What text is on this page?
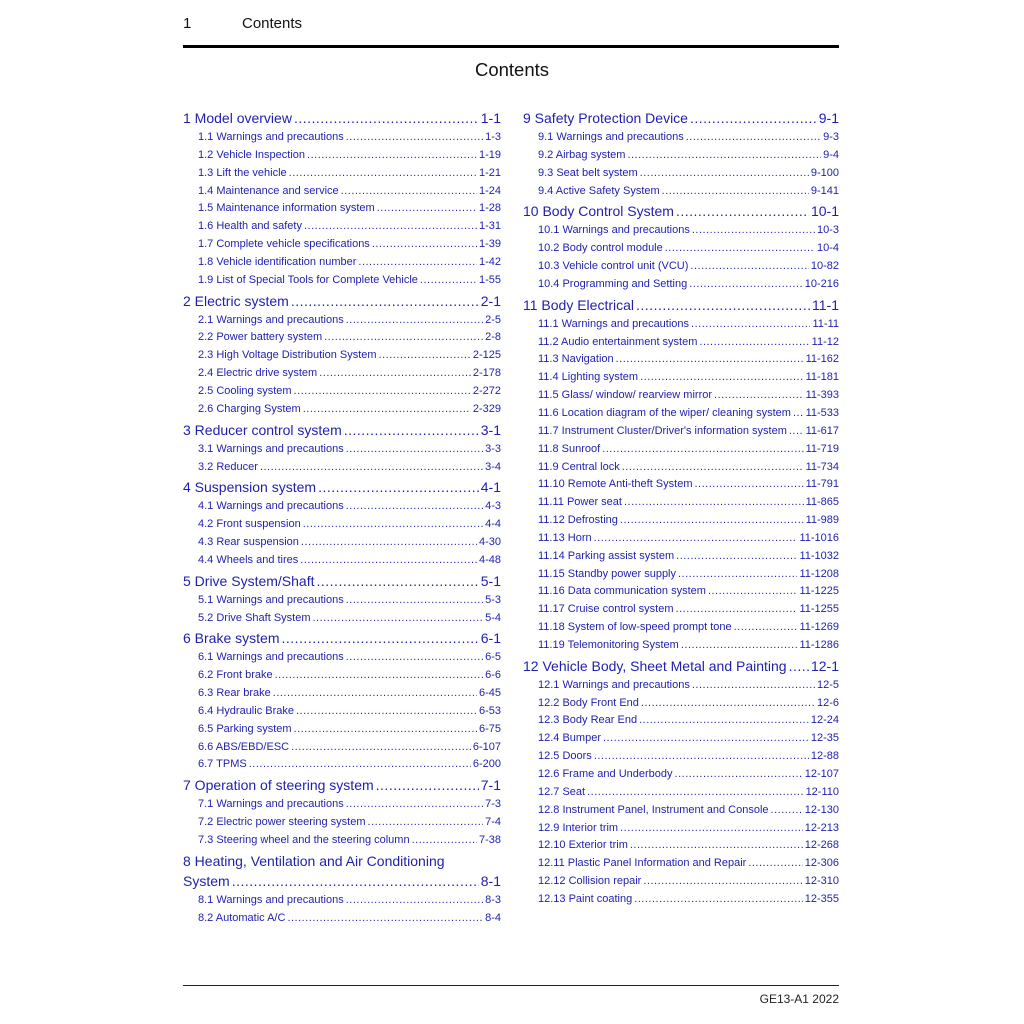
1	Contents
Contents
1 Model overview .....	1-1
1.1 Warnings and precautions .....	1-3
1.2 Vehicle Inspection .....	1-19
1.3 Lift the vehicle .....	1-21
1.4 Maintenance and service .....	1-24
1.5 Maintenance information system .....	1-28
1.6 Health and safety .....	1-31
1.7 Complete vehicle specifications .....	1-39
1.8 Vehicle identification number .....	1-42
1.9 List of Special Tools for Complete Vehicle .....	1-55
2 Electric system .....	2-1
2.1 Warnings and precautions .....	2-5
2.2 Power battery system .....	2-8
2.3 High Voltage Distribution System .....	2-125
2.4 Electric drive system .....	2-178
2.5 Cooling system .....	2-272
2.6 Charging System .....	2-329
3 Reducer control system .....	3-1
3.1 Warnings and precautions .....	3-3
3.2 Reducer .....	3-4
4 Suspension system .....	4-1
4.1 Warnings and precautions .....	4-3
4.2 Front suspension .....	4-4
4.3 Rear suspension .....	4-30
4.4 Wheels and tires .....	4-48
5 Drive System/Shaft .....	5-1
5.1 Warnings and precautions .....	5-3
5.2 Drive Shaft System .....	5-4
6 Brake system .....	6-1
6.1 Warnings and precautions .....	6-5
6.2 Front brake .....	6-6
6.3 Rear brake .....	6-45
6.4 Hydraulic Brake .....	6-53
6.5 Parking system .....	6-75
6.6 ABS/EBD/ESC .....	6-107
6.7 TPMS .....	6-200
7 Operation of steering system .....	7-1
7.1 Warnings and precautions .....	7-3
7.2 Electric power steering system .....	7-4
7.3 Steering wheel and the steering column .....	7-38
8 Heating, Ventilation and Air Conditioning
System .....	8-1
8.1 Warnings and precautions .....	8-3
8.2 Automatic A/C .....	8-4
9 Safety Protection Device .....	9-1
9.1 Warnings and precautions .....	9-3
9.2 Airbag system .....	9-4
9.3 Seat belt system .....	9-100
9.4 Active Safety System .....	9-141
10 Body Control System .....	10-1
10.1 Warnings and precautions .....	10-3
10.2 Body control module .....	10-4
10.3 Vehicle control unit (VCU) .....	10-82
10.4 Programming and Setting .....	10-216
11 Body Electrical .....	11-1
11.1 Warnings and precautions .....	11-11
11.2 Audio entertainment system .....	11-12
11.3 Navigation .....	11-162
11.4 Lighting system .....	11-181
11.5 Glass/ window/ rearview mirror .....	11-393
11.6 Location diagram of the wiper/ cleaning system ..... 11-533
11.7 Instrument Cluster/Driver's information system ..... 11-617
11.8 Sunroof .....	11-719
11.9 Central lock .....	11-734
11.10 Remote Anti-theft System .....	11-791
11.11 Power seat .....	11-865
11.12 Defrosting .....	11-989
11.13 Horn .....	11-1016
11.14 Parking assist system .....	11-1032
11.15 Standby power supply .....	11-1208
11.16 Data communication system .....	11-1225
11.17 Cruise control system .....	11-1255
11.18 System of low-speed prompt tone .....	11-1269
11.19 Telemonitoring System .....	11-1286
12 Vehicle Body, Sheet Metal and Painting ..... 12-1
12.1 Warnings and precautions .....	12-5
12.2 Body Front End .....	12-6
12.3 Body Rear End .....	12-24
12.4 Bumper .....	12-35
12.5 Doors .....	12-88
12.6 Frame and Underbody .....	12-107
12.7 Seat .....	12-110
12.8 Instrument Panel, Instrument and Console .....	12-130
12.9 Interior trim .....	12-213
12.10 Exterior trim .....	12-268
12.11 Plastic Panel Information and Repair .....	12-306
12.12 Collision repair .....	12-310
12.13 Paint coating .....	12-355
GE13-A1 2022
